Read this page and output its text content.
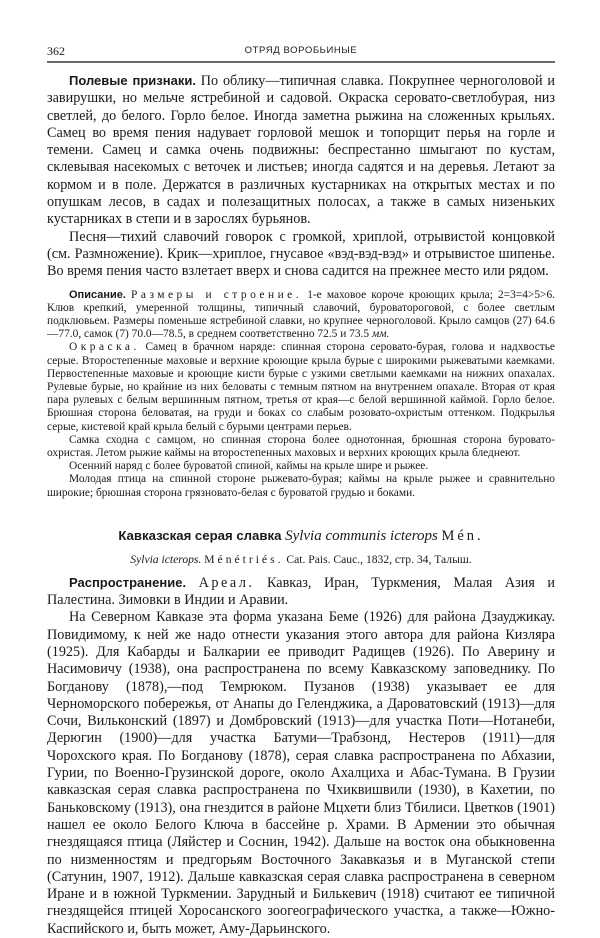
362	ОТРЯД ВОРОБЬИНЫЕ

Полевые признаки. По облику—типичная славка. Покрупнее черноголовой и завирушки, но мельче ястребиной и садовой. Окраска серовато-светлобурая, низ светлей, до белого. Горло белое. Иногда заметна рыжина на сложенных крыльях. Самец во время пения надувает горловой мешок и топорщит перья на горле и темени. Самец и самка очень подвижны: беспрестанно шмыгают по кустам, склевывая насекомых с веточек и листьев; иногда садятся и на деревья. Летают за кормом и в поле. Держатся в различных кустарниках на открытых местах и по опушкам лесов, в садах и полезащитных полосах, а также в самых низеньких кустарниках в степи и в зарослях бурьянов.

Песня—тихий славочий говорок с громкой, хриплой, отрывистой концовкой (см. Размножение). Крик—хриплое, гнусавое «вэд-вэд-вэд» и отрывистое шипенье. Во время пения часто взлетает вверх и снова садится на прежнее место или рядом.

Описание. Размеры и строение. 1-е маховое короче кроющих крыла; 2=3=4>5>6. Клюв крепкий, умеренной толщины, типичный славочий, буроватороговой, с более светлым подклювьем. Размеры поменьше ястребиной славки, но крупнее черноголовой. Крыло самцов (27) 64.6—77.0, самок (7) 70.0—78.5, в среднем соответственно 72.5 и 73.5 мм.

Окраска. Самец в брачном наряде: спинная сторона серовато-бурая, голова и надхвостье серые. Второстепенные маховые и верхние кроющие крыла бурые с широкими рыжеватыми каемками. Первостепенные маховые и кроющие кисти бурые с узкими светлыми каемками на нижних опахалах. Рулевые бурые, но крайние из них беловаты с темным пятном на внутреннем опахале. Вторая от края пара рулевых с белым вершинным пятном, третья от края—с белой вершинной каймой. Горло белое. Брюшная сторона беловатая, на груди и боках со слабым розовато-охристым оттенком. Подкрылья серые, кистевой край крыла белый с бурыми центрами перьев.

Самка сходна с самцом, но спинная сторона более однотонная, брюшная сторона буровато-охристая. Летом рыжие каймы на второстепенных маховых и верхних кроющих крыла бледнеют.

Осенний наряд с более буроватой спиной, каймы на крыле шире и рыжее.

Молодая птица на спинной стороне рыжевато-бурая; каймы на крыле рыжее и сравнительно широкие; брюшная сторона грязновато-белая с буроватой грудью и боками.

Кавказская серая славка Sylvia communis icterops Mén.

Sylvia icterops. Ménétriés. Cat. Pais. Cauc., 1832, стр. 34, Талыш.

Распространение. Ареал. Кавказ, Иран, Туркмения, Малая Азия и Палестина. Зимовки в Индии и Аравии.

На Северном Кавказе эта форма указана Беме (1926) для района Дзауджикау. Повидимому, к ней же надо отнести указания этого автора для района Кизляра (1925). Для Кабарды и Балкарии ее приводит Радищев (1926). По Аверину и Насимовичу (1938), она распространена по всему Кавказскому заповеднику. По Богданову (1878),—под Темрюком. Пузанов (1938) указывает ее для Черноморского побережья, от Анапы до Геленджика, а Дароватовский (1913)—для Сочи, Вильконский (1897) и Домбровский (1913)—для участка Поти—Нотанеби, Дерюгин (1900)—для участка Батуми—Трабзонд, Нестеров (1911)—для Чорохского края. По Богданову (1878), серая славка распространена по Абхазии, Гурии, по Военно-Грузинской дороге, около Ахалциха и Абас-Тумана. В Грузии кавказская серая славка распространена по Чхиквишвили (1930), в Кахетии, по Баньковскому (1913), она гнездится в районе Мцхети близ Тбилиси. Цветков (1901) нашел ее около Белого Ключа в бассейне р. Храми. В Армении это обычная гнездящаяся птица (Ляйстер и Соснин, 1942). Дальше на восток она обыкновенна по низменностям и предгорьям Восточного Закавказья и в Муганской степи (Сатунин, 1907, 1912). Дальше кавказская серая славка распространена в северном Иране и в южной Туркмении. Зарудный и Билькевич (1918) считают ее типичной гнездящейся птицей Хоросанского зоогеографического участка, а также—Южно-Каспийского и, быть может, Аму-Дарьинского.
